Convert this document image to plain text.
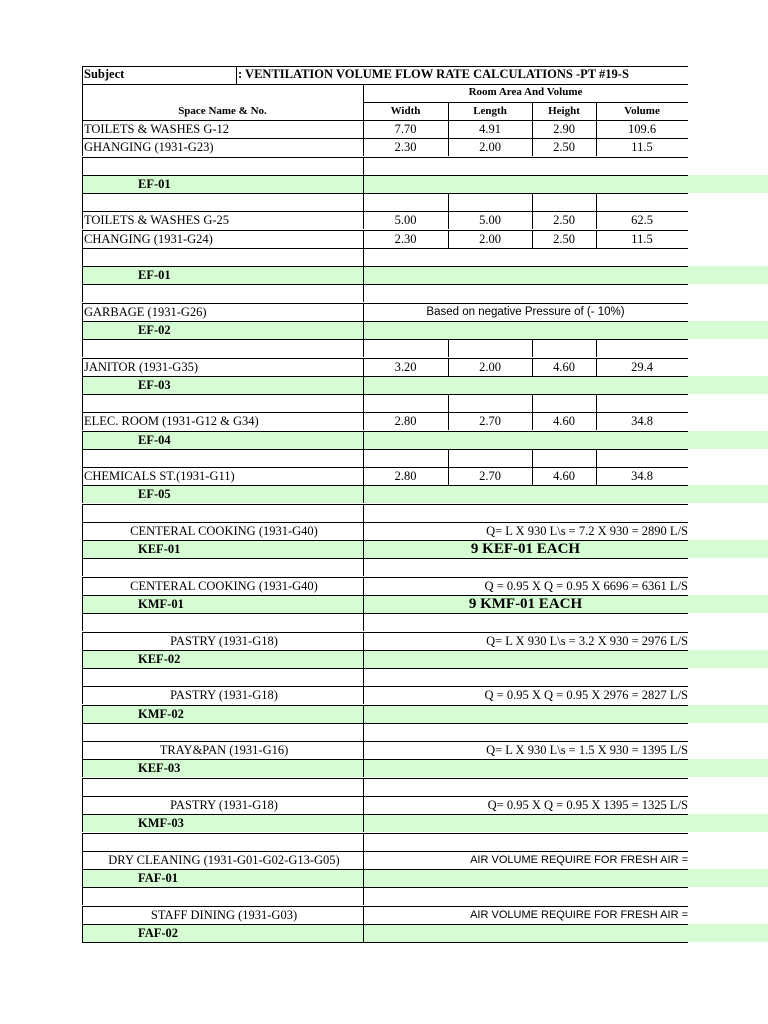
Subject	: VENTILATION VOLUME FLOW RATE CALCULATIONS -PT #19-S
Room Area And Volume
Space Name & No.	Width	Length	Height	Volume
TOILETS & WASHES G-12	7.70	4.91	2.90	109.6
GHANGING (1931-G23)	2.30	2.00	2.50	11.5
EF-01
TOILETS & WASHES G-25	5.00	5.00	2.50	62.5
CHANGING (1931-G24)	2.30	2.00	2.50	11.5
EF-01
GARBAGE (1931-G26)	Based on negative Pressure of (- 10%)
EF-02
JANITOR (1931-G35)	3.20	2.00	4.60	29.4
EF-03
ELEC. ROOM (1931-G12 & G34)	2.80	2.70	4.60	34.8
EF-04
CHEMICALS ST.(1931-G11)	2.80	2.70	4.60	34.8
EF-05
CENTERAL COOKING (1931-G40)	Q= L X 930 L\s = 7.2 X 930 = 2890 L/S
KEF-01	9 KEF-01 EACH
CENTERAL COOKING (1931-G40)	Q = 0.95 X Q = 0.95 X 6696 = 6361 L/S
KMF-01	9 KMF-01 EACH
PASTRY (1931-G18)	Q= L X 930 L\s = 3.2 X 930 = 2976 L/S
KEF-02
PASTRY (1931-G18)	Q = 0.95 X Q = 0.95 X 2976 = 2827 L/S
KMF-02
TRAY&PAN (1931-G16)	Q= L X 930 L\s = 1.5 X 930 = 1395 L/S
KEF-03
PASTRY (1931-G18)	Q= 0.95 X Q = 0.95 X 1395 = 1325 L/S
KMF-03
DRY CLEANING (1931-G01-G02-G13-G05)	AIR VOLUME REQUIRE FOR FRESH AIR =
FAF-01
STAFF DINING (1931-G03)	AIR VOLUME REQUIRE FOR FRESH AIR =
FAF-02
